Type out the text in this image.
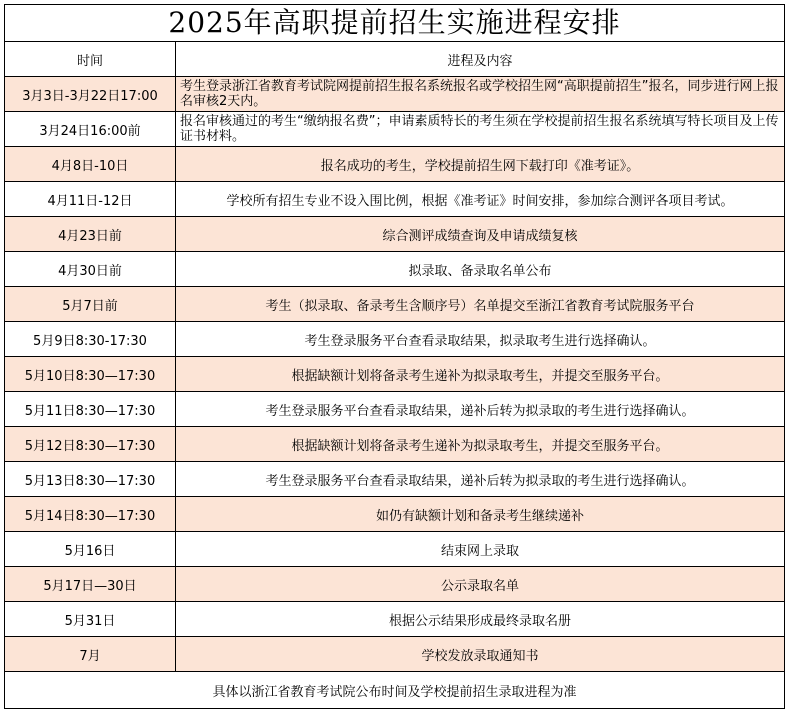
2025年高职提前招生实施进程安排	
时间	进程及内容
3月3日-3月22日17:00	考生登录浙江省教育考试院网提前招生报名系统报名或学校招生网“高职提前招生”报名，同步进行网上报名审核2天内。
3月24日16:00前	报名审核通过的考生“缴纳报名费”；申请素质特长的考生须在学校提前招生报名系统填写特长项目及上传证书材料。
4月8日-10日	报名成功的考生，学校提前招生网下载打印《准考证》。
4月11日-12日	学校所有招生专业不设入围比例，根据《准考证》时间安排，参加综合测评各项目考试。
4月23日前	综合测评成绩查询及申请成绩复核
4月30日前	拟录取、备录取名单公布
5月7日前	考生（拟录取、备录考生含顺序号）名单提交至浙江省教育考试院服务平台
5月9日8:30-17:30	考生登录服务平台查看录取结果，拟录取考生进行选择确认。
5月10日8:30—17:30	根据缺额计划将备录考生递补为拟录取考生，并提交至服务平台。
5月11日8:30—17:30	考生登录服务平台查看录取结果，递补后转为拟录取的考生进行选择确认。
5月12日8:30—17:30	根据缺额计划将备录考生递补为拟录取考生，并提交至服务平台。
5月13日8:30—17:30	考生登录服务平台查看录取结果，递补后转为拟录取的考生进行选择确认。
5月14日8:30—17:30	如仍有缺额计划和备录考生继续递补
5月16日	结束网上录取
5月17日—30日	公示录取名单
5月31日	根据公示结果形成最终录取名册
7月	学校发放录取通知书
具体以浙江省教育考试院公布时间及学校提前招生录取进程为准	
